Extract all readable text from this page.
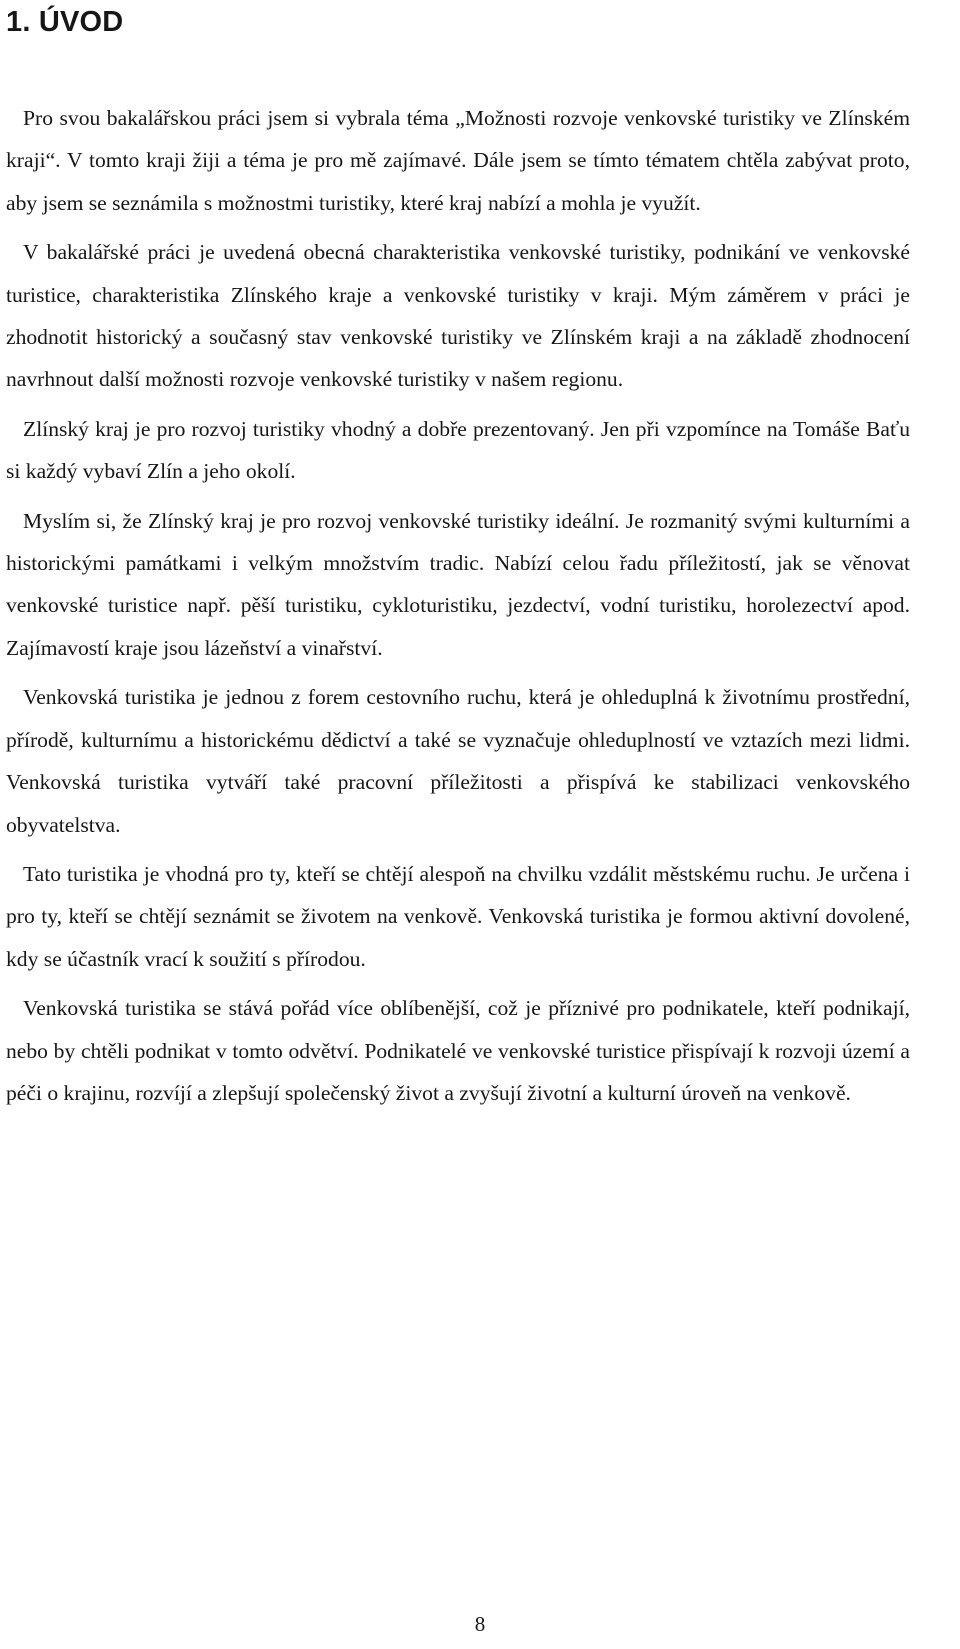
1. ÚVOD

Pro svou bakalářskou práci jsem si vybrala téma „Možnosti rozvoje venkovské turistiky ve Zlínském kraji“. V tomto kraji žiji a téma je pro mě zajímavé. Dále jsem se tímto tématem chtěla zabývat proto, aby jsem se seznámila s možnostmi turistiky, které kraj nabízí a mohla je využít.

V bakalářské práci je uvedená obecná charakteristika venkovské turistiky, podnikání ve venkovské turistice, charakteristika Zlínského kraje a venkovské turistiky v kraji. Mým záměrem v práci je zhodnotit historický a současný stav venkovské turistiky ve Zlínském kraji a na základě zhodnocení navrhnout další možnosti rozvoje venkovské turistiky v našem regionu.

Zlínský kraj je pro rozvoj turistiky vhodný a dobře prezentovaný. Jen při vzpomínce na Tomáše Baťu si každý vybaví Zlín a jeho okolí.

Myslím si, že Zlínský kraj je pro rozvoj venkovské turistiky ideální. Je rozmanitý svými kulturními a historickými památkami i velkým množstvím tradic. Nabízí celou řadu příležitostí, jak se věnovat venkovské turistice např. pěší turistiku, cykloturistiku, jezdectví, vodní turistiku, horolezectví apod. Zajímavostí kraje jsou lázeňství a vinařství.

Venkovská turistika je jednou z forem cestovního ruchu, která je ohleduplná k životnímu prostřední, přírodě, kulturnímu a historickému dědictví a také se vyznačuje ohleduplností ve vztazích mezi lidmi. Venkovská turistika vytváří také pracovní příležitosti a přispívá ke stabilizaci venkovského obyvatelstva.

Tato turistika je vhodná pro ty, kteří se chtějí alespoň na chvilku vzdálit městskému ruchu. Je určena i pro ty, kteří se chtějí seznámit se životem na venkově. Venkovská turistika je formou aktivní dovolené, kdy se účastník vrací k soužití s přírodou.

Venkovská turistika se stává pořád více oblíbenější, což je příznivé pro podnikatele, kteří podnikají, nebo by chtěli podnikat v tomto odvětví. Podnikatelé ve venkovské turistice přispívají k rozvoji území a péči o krajinu, rozvíjí a zlepšují společenský život a zvyšují životní a kulturní úroveň na venkově.

8
